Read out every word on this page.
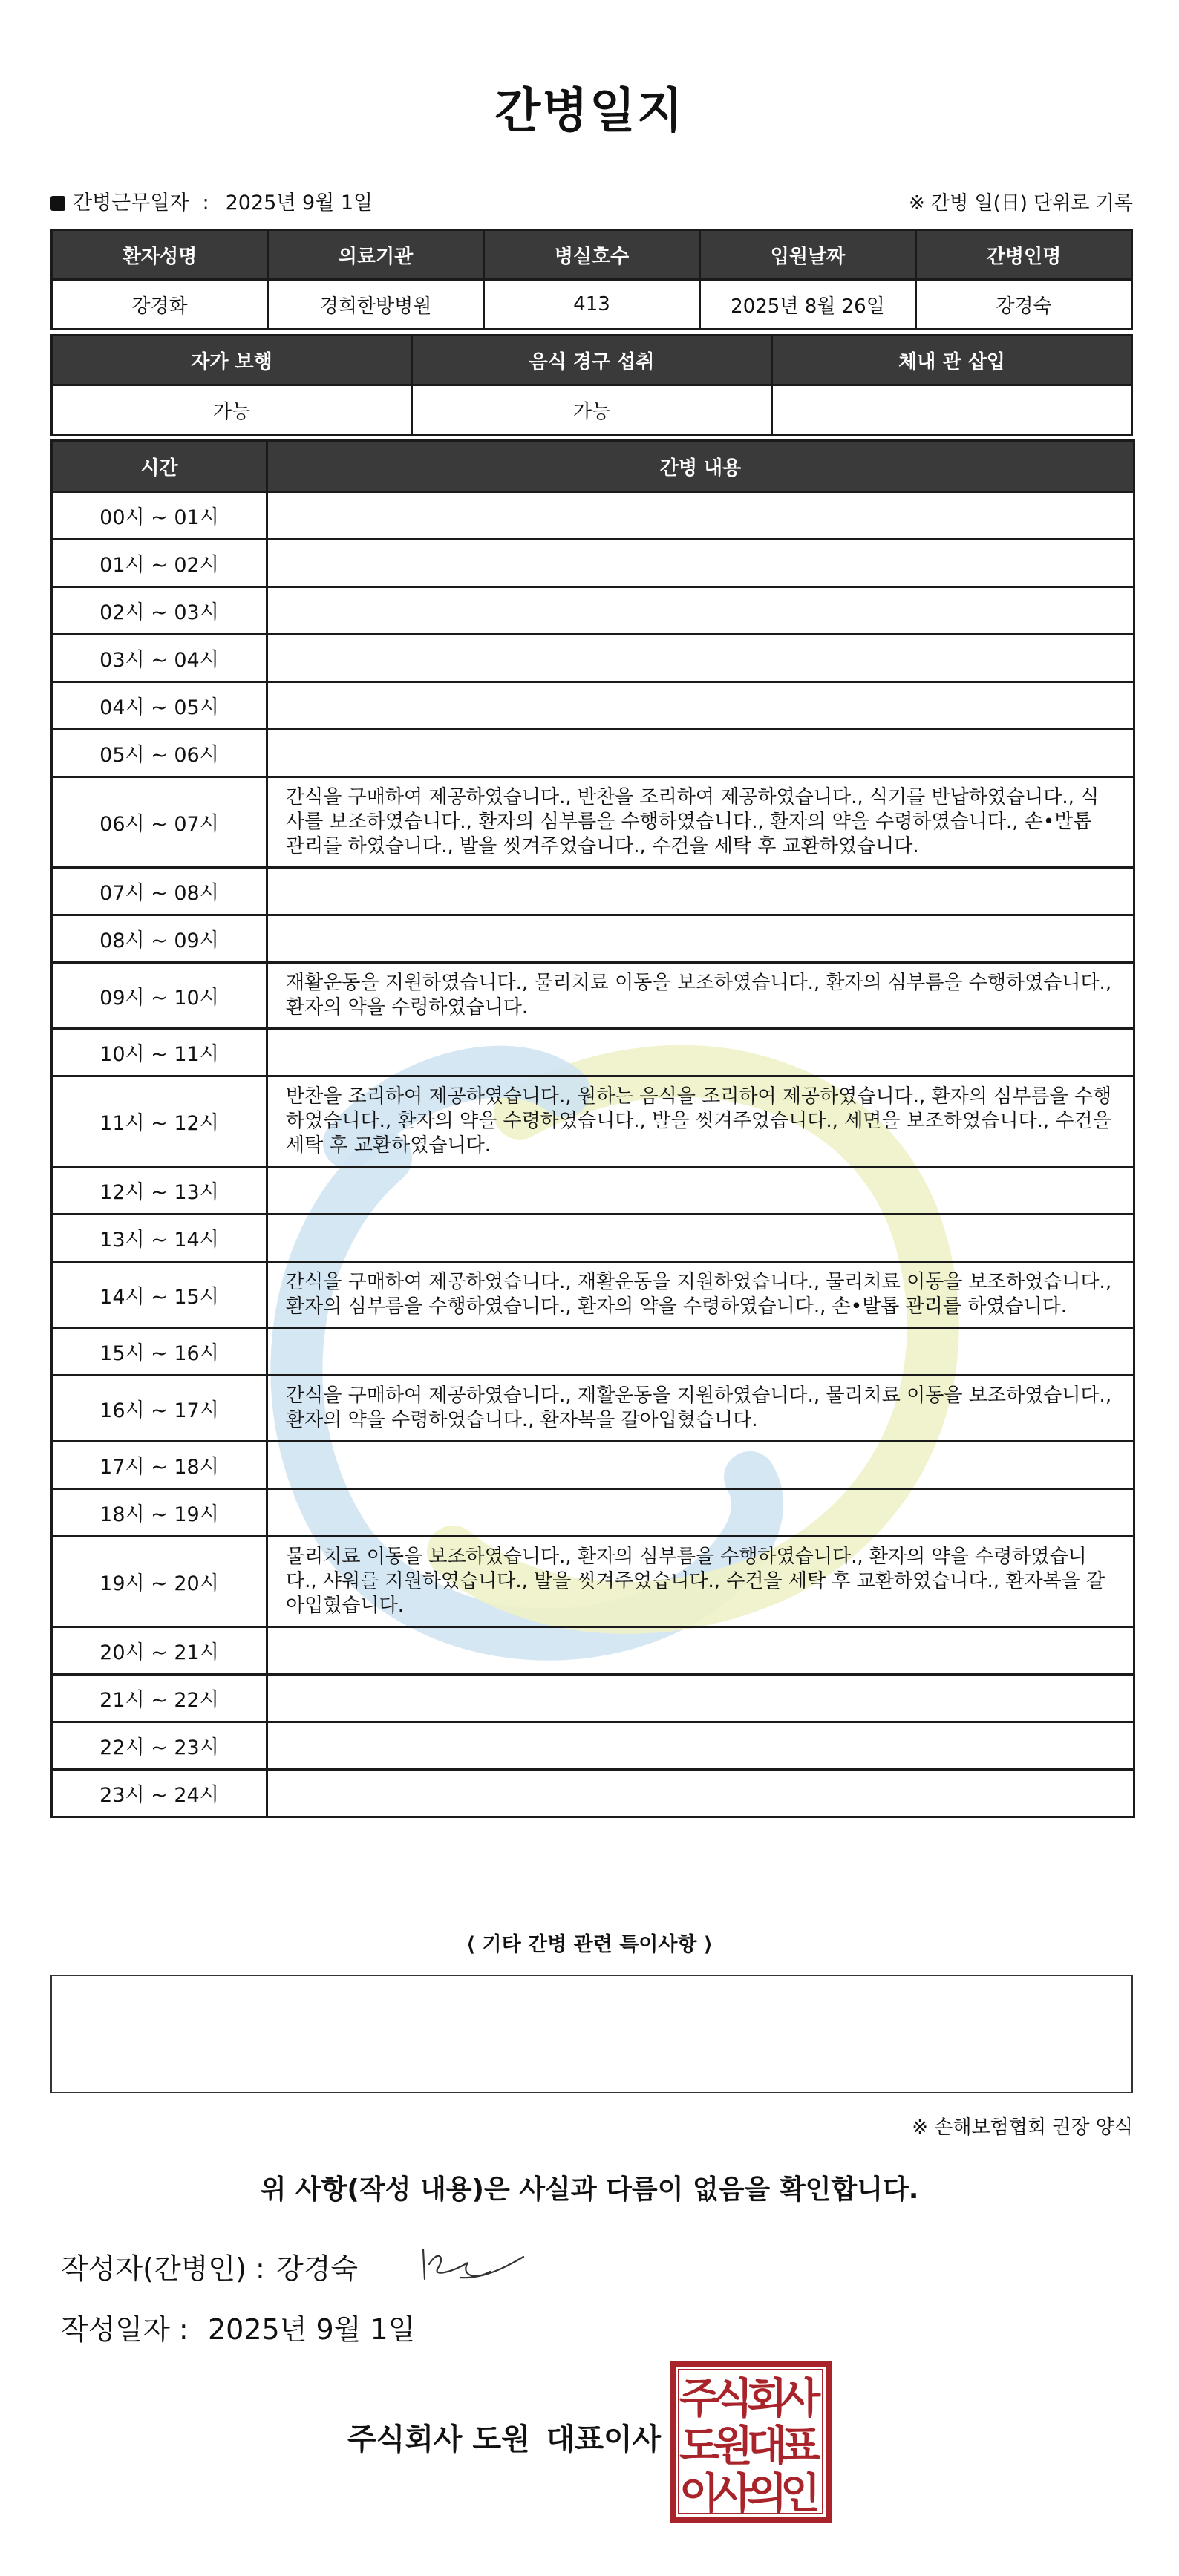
간병일지
간병근무일자 : 2025년 9월 1일	※ 간병 일(日) 단위로 기록
환자성명	의료기관	병실호수	입원날짜	간병인명
강경화	경희한방병원	413	2025년 8월 26일	강경숙
자가 보행	음식 경구 섭취	체내 관 삽입
가능	가능	
시간	간병 내용
00시 ~ 01시	
01시 ~ 02시	
02시 ~ 03시	
03시 ~ 04시	
04시 ~ 05시	
05시 ~ 06시	
06시 ~ 07시	간식을 구매하여 제공하였습니다., 반찬을 조리하여 제공하였습니다., 식기를 반납하였습니다., 식사를 보조하였습니다., 환자의 심부름을 수행하였습니다., 환자의 약을 수령하였습니다., 손•발톱 관리를 하였습니다., 발을 씻겨주었습니다., 수건을 세탁 후 교환하였습니다.
07시 ~ 08시	
08시 ~ 09시	
09시 ~ 10시	재활운동을 지원하였습니다., 물리치료 이동을 보조하였습니다., 환자의 심부름을 수행하였습니다., 환자의 약을 수령하였습니다.
10시 ~ 11시	
11시 ~ 12시	반찬을 조리하여 제공하였습니다., 원하는 음식을 조리하여 제공하였습니다., 환자의 심부름을 수행하였습니다., 환자의 약을 수령하였습니다., 발을 씻겨주었습니다., 세면을 보조하였습니다., 수건을 세탁 후 교환하였습니다.
12시 ~ 13시	
13시 ~ 14시	
14시 ~ 15시	간식을 구매하여 제공하였습니다., 재활운동을 지원하였습니다., 물리치료 이동을 보조하였습니다., 환자의 심부름을 수행하였습니다., 환자의 약을 수령하였습니다., 손•발톱 관리를 하였습니다.
15시 ~ 16시	
16시 ~ 17시	간식을 구매하여 제공하였습니다., 재활운동을 지원하였습니다., 물리치료 이동을 보조하였습니다., 환자의 약을 수령하였습니다., 환자복을 갈아입혔습니다.
17시 ~ 18시	
18시 ~ 19시	
19시 ~ 20시	물리치료 이동을 보조하였습니다., 환자의 심부름을 수행하였습니다., 환자의 약을 수령하였습니다., 샤워를 지원하였습니다., 발을 씻겨주었습니다., 수건을 세탁 후 교환하였습니다., 환자복을 갈아입혔습니다.
20시 ~ 21시	
21시 ~ 22시	
22시 ~ 23시	
23시 ~ 24시	
⟨ 기타 간병 관련 특이사항 ⟩
※ 손해보험협회 권장 양식
위 사항(작성 내용)은 사실과 다름이 없음을 확인합니다.
작성자(간병인) : 강경숙
작성일자 : 2025년 9월 1일
주식회사 도원 대표이사
주
식
회
사
도
원
대
표
이
사
의
인
